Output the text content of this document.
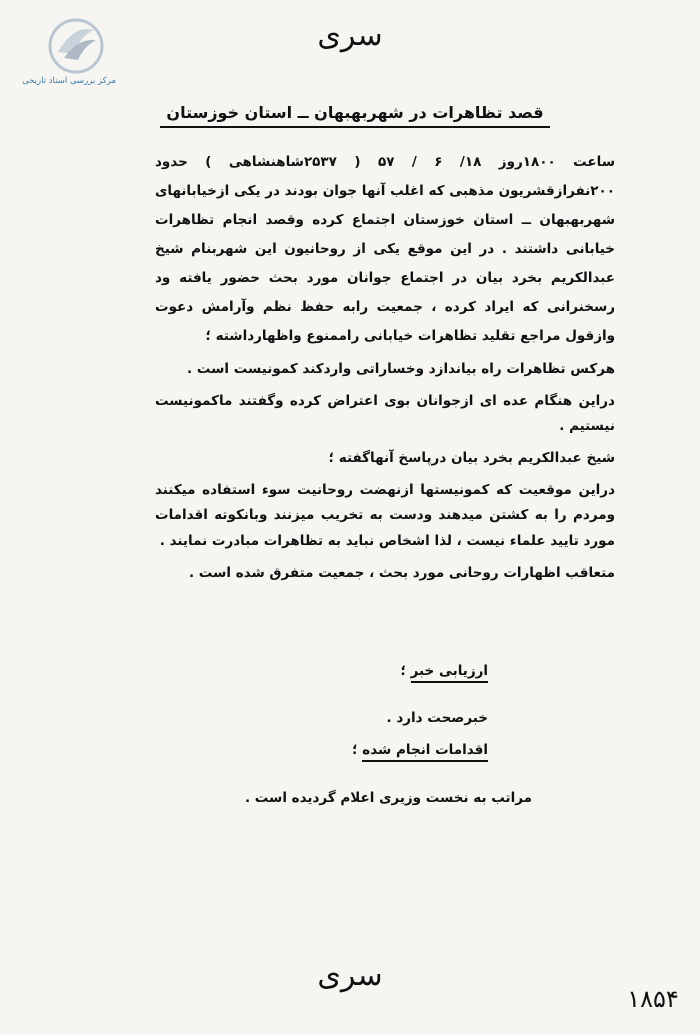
مرکز بررسی اسناد تاریخی
سری
قصد تظاهرات در شهربهبهان ــ استان خوزستان

ساعت ۱۸۰۰روز ۱۸/ ۶ / ۵۷ ( ۲۵۳۷شاهنشاهی ) حدود ۲۰۰نفرازقشریون مذهبی که اغلب آنها جوان بودند در یکی ازخیابانهای شهربهبهان ــ استان خوزستان اجتماع کرده وقصد انجام تظاهرات خیابانی داشتند . در این موقع یکی از روحانیون این شهربنام شیخ عبدالکریم بخرد بیان در اجتماع جوانان مورد بحث حضور یافته ود رسخنرانی که ایراد کرده ، جمعیت رابه حفظ نظم وآرامش دعوت وازقول مراجع تقلید تظاهرات خیابانی راممنوع واظهارداشته ؛

هرکس تظاهرات راه بیاندازد وخساراتی واردکند کمونیست است .

دراین هنگام عده ای ازجوانان بوی اعتراض کرده وگفتند ماکمونیست نیستیم .

شیخ عبدالکریم بخرد بیان درپاسخ آنهاگفته ؛

دراین موقعیت که کمونیستها ازنهضت روحانیت سوء استفاده میکنند ومردم را به کشتن میدهند ودست به تخریب میزنند وبانکوته اقدامات مورد تایید علماء نیست ، لذا اشخاص نباید به تظاهرات مبادرت نمایند .

متعاقب اظهارات روحانی مورد بحث ، جمعیت متفرق شده است .

ارزیابی خبر ؛
خبرصحت دارد .
اقدامات انجام شده ؛
مراتب به نخست وزیری اعلام گردیده است .
سری
۱۸۵۴
